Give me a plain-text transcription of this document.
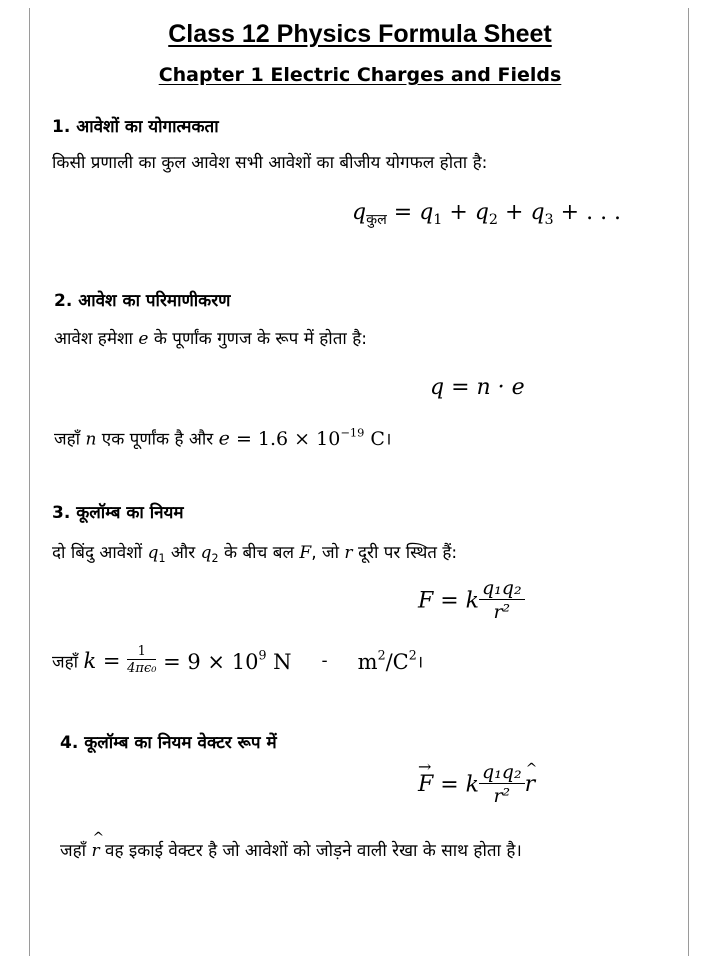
Class 12 Physics Formula Sheet
Chapter 1 Electric Charges and Fields
1. आवेशों का योगात्मकता
किसी प्रणाली का कुल आवेश सभी आवेशों का बीजीय योगफल होता है:
$q_{कुल} = q_1 + q_2 + q_3$ + . . .
2. आवेश का परिमाणीकरण
आवेश हमेशा e के पूर्णांक गुणज के रूप में होता है:
q = n · e
जहाँ n एक पूर्णांक है और $e = 1.6 \times 10^{-19}$ C।
3. कूलॉम्ब का नियम
दो बिंदु आवेशों $q_1$ और $q_2$ के बीच बल F, जो r दूरी पर स्थित हैं:
F = k $\frac{\text{q₁q₂}}{\text{r²}}$
जहाँ $k = \frac{1}{\text{4πϵ₀}} = 9 \times 10^9$ N - $m^2/C^2।$
4. कूलॉम्ब का नियम वेक्टर रूप में
→ F = k $\frac{\text{q₁q₂}}{\text{r²}}$
^ r
जहाँ ^ r वह इकाई वेक्टर है जो आवेशों को जोड़ने वाली रेखा के साथ होता है।
